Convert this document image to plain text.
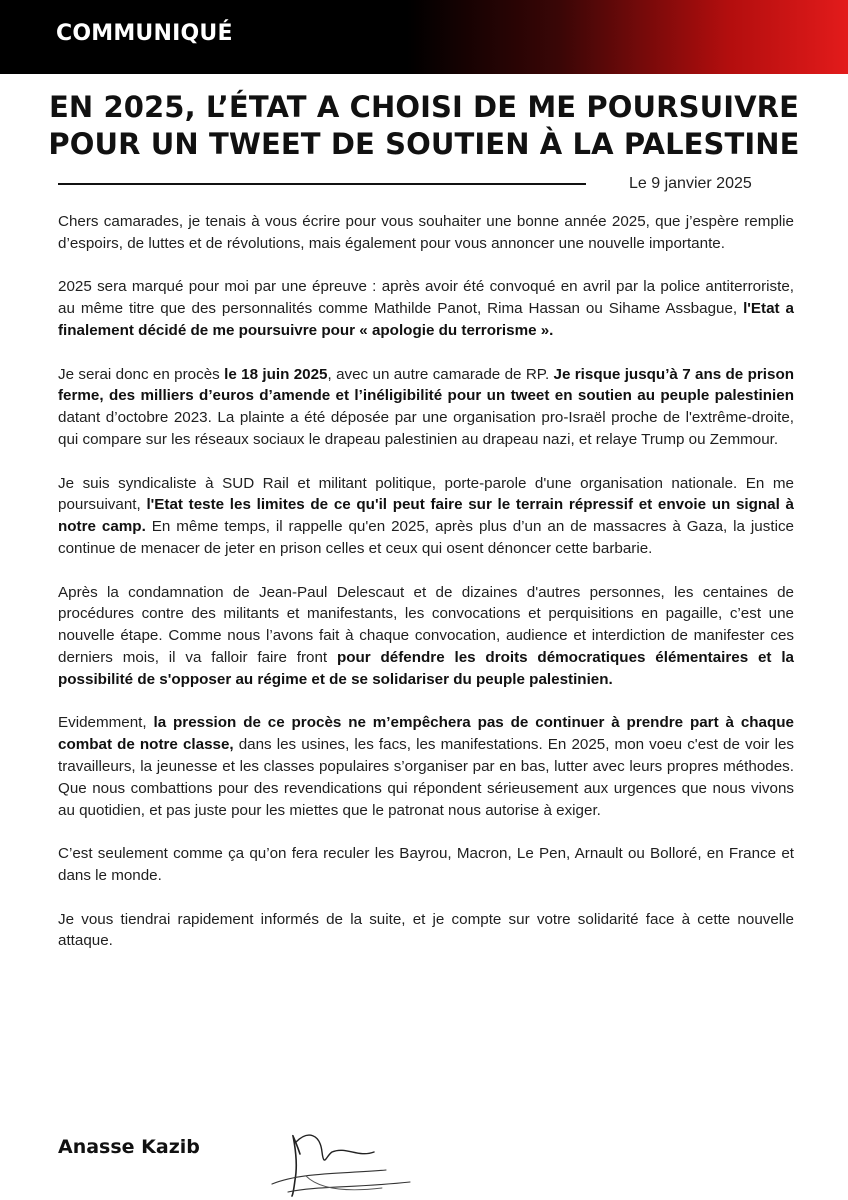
COMMUNIQUÉ
EN 2025, L’ÉTAT A CHOISI DE ME POURSUIVRE
POUR UN TWEET DE SOUTIEN À LA PALESTINE

Le 9 janvier 2025

Chers camarades, je tenais à vous écrire pour vous souhaiter une bonne année 2025, que j’espère remplie d’espoirs, de luttes et de révolutions, mais également pour vous annoncer une nouvelle importante.

2025 sera marqué pour moi par une épreuve : après avoir été convoqué en avril par la police antiterroriste, au même titre que des personnalités comme Mathilde Panot, Rima Hassan ou Sihame Assbague, l'Etat a finalement décidé de me poursuivre pour « apologie du terrorisme ».

Je serai donc en procès le 18 juin 2025, avec un autre camarade de RP. Je risque jusqu’à 7 ans de prison ferme, des milliers d’euros d’amende et l’inéligibilité pour un tweet en soutien au peuple palestinien datant d’octobre 2023. La plainte a été déposée par une organisation pro-Israël proche de l'extrême-droite, qui compare sur les réseaux sociaux le drapeau palestinien au drapeau nazi, et relaye Trump ou Zemmour.

Je suis syndicaliste à SUD Rail et militant politique, porte-parole d'une organisation nationale. En me poursuivant, l'Etat teste les limites de ce qu'il peut faire sur le terrain répressif et envoie un signal à notre camp. En même temps, il rappelle qu'en 2025, après plus d’un an de massacres à Gaza, la justice continue de menacer de jeter en prison celles et ceux qui osent dénoncer cette barbarie.

Après la condamnation de Jean-Paul Delescaut et de dizaines d'autres personnes, les centaines de procédures contre des militants et manifestants, les convocations et perquisitions en pagaille, c’est une nouvelle étape. Comme nous l’avons fait à chaque convocation, audience et interdiction de manifester ces derniers mois, il va falloir faire front pour défendre les droits démocratiques élémentaires et la possibilité de s'opposer au régime et de se solidariser du peuple palestinien.

Evidemment, la pression de ce procès ne m’empêchera pas de continuer à prendre part à chaque combat de notre classe, dans les usines, les facs, les manifestations. En 2025, mon voeu c'est de voir les travailleurs, la jeunesse et les classes populaires s’organiser par en bas, lutter avec leurs propres méthodes. Que nous combattions pour des revendications qui répondent sérieusement aux urgences que nous vivons au quotidien, et pas juste pour les miettes que le patronat nous autorise à exiger.

C’est seulement comme ça qu’on fera reculer les Bayrou, Macron, Le Pen, Arnault ou Bolloré, en France et dans le monde.

Je vous tiendrai rapidement informés de la suite, et je compte sur votre solidarité face à cette nouvelle attaque.

Anasse Kazib
